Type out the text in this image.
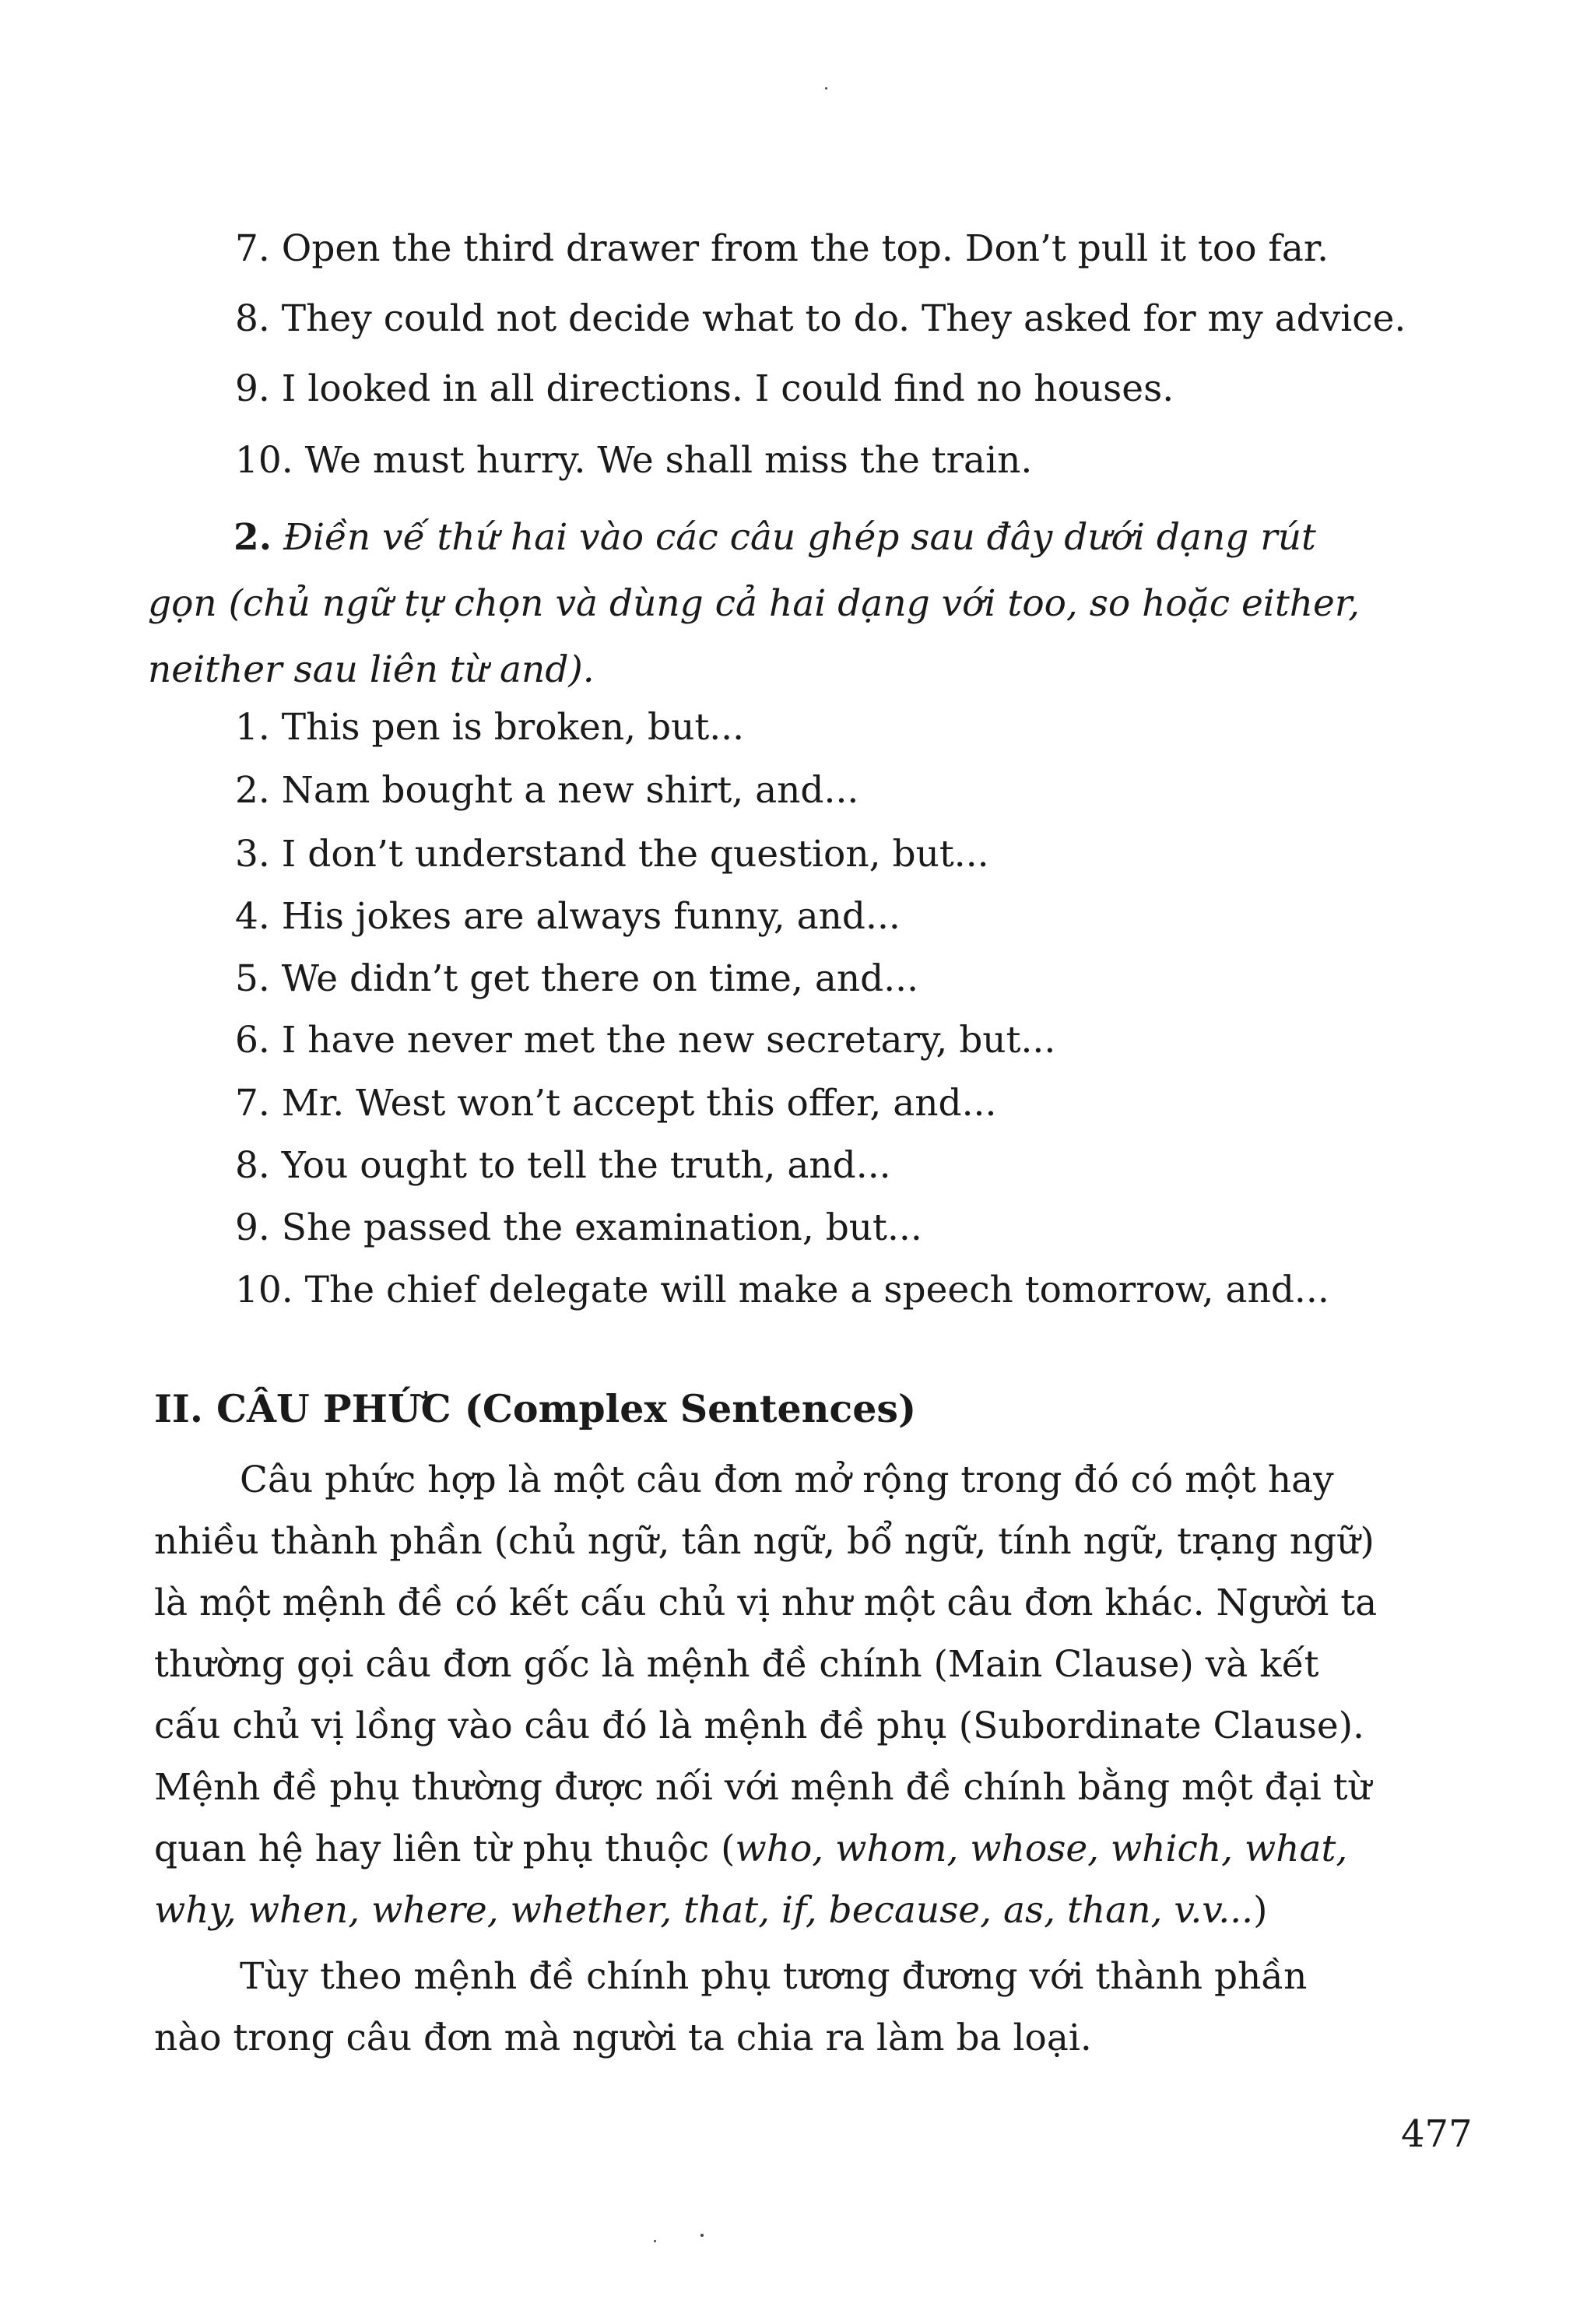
7. Open the third drawer from the top. Don’t pull it too far.
8. They could not decide what to do. They asked for my advice.
9. I looked in all directions. I could find no houses.
10. We must hurry. We shall miss the train.
2. Điền vế thứ hai vào các câu ghép sau đây dưới dạng rút
gọn (chủ ngữ tự chọn và dùng cả hai dạng với too, so hoặc either,
neither sau liên từ and).
1. This pen is broken, but...
2. Nam bought a new shirt, and...
3. I don’t understand the question, but...
4. His jokes are always funny, and...
5. We didn’t get there on time, and...
6. I have never met the new secretary, but...
7. Mr. West won’t accept this offer, and...
8. You ought to tell the truth, and...
9. She passed the examination, but...
10. The chief delegate will make a speech tomorrow, and...
II. CÂU PHỨC (Complex Sentences)
Câu phức hợp là một câu đơn mở rộng trong đó có một hay
nhiều thành phần (chủ ngữ, tân ngữ, bổ ngữ, tính ngữ, trạng ngữ)
là một mệnh đề có kết cấu chủ vị như một câu đơn khác. Người ta
thường gọi câu đơn gốc là mệnh đề chính (Main Clause) và kết
cấu chủ vị lồng vào câu đó là mệnh đề phụ (Subordinate Clause).
Mệnh đề phụ thường được nối với mệnh đề chính bằng một đại từ
quan hệ hay liên từ phụ thuộc (who, whom, whose, which, what,
why, when, where, whether, that, if, because, as, than, v.v...)
Tùy theo mệnh đề chính phụ tương đương với thành phần
nào trong câu đơn mà người ta chia ra làm ba loại.
477
